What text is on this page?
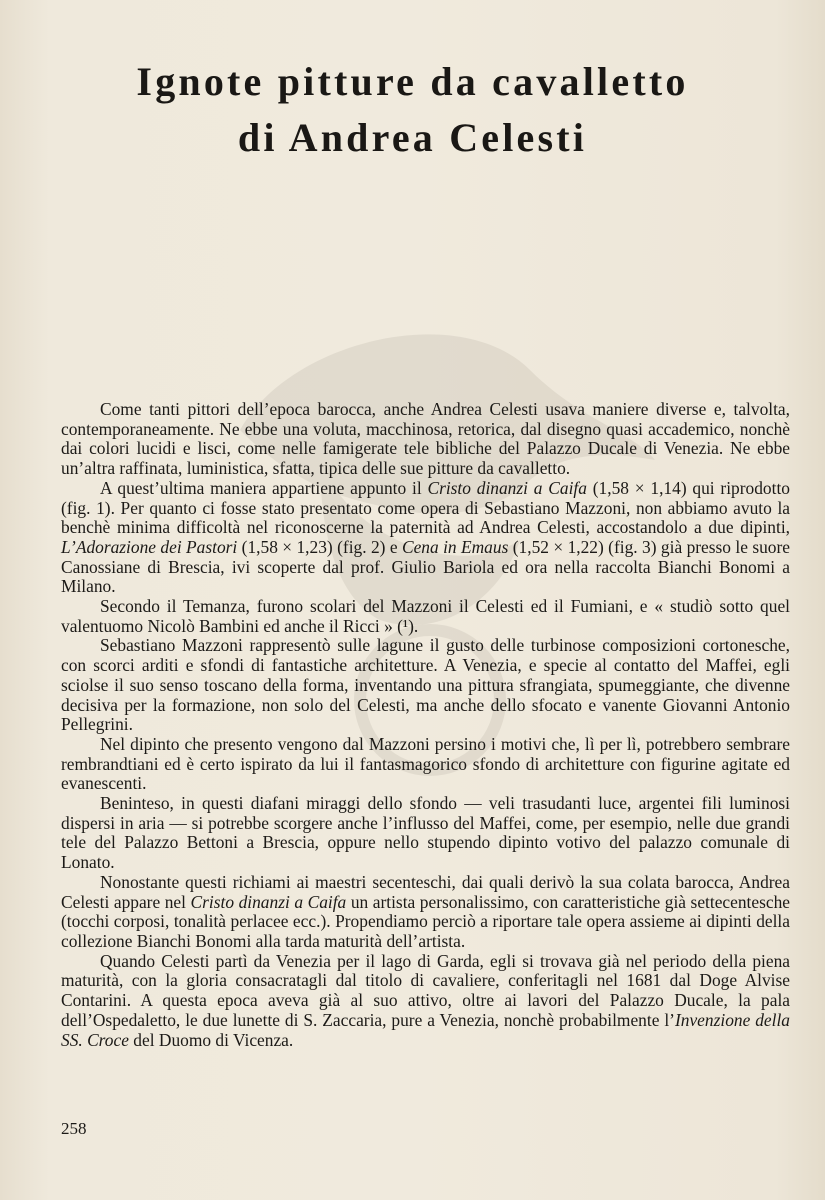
Ignote pitture da cavalletto
di Andrea Celesti

Come tanti pittori dell’epoca barocca, anche Andrea Celesti usava maniere diverse e, talvolta, contemporaneamente. Ne ebbe una voluta, macchinosa, retorica, dal disegno quasi accademico, nonchè dai colori lucidi e lisci, come nelle famigerate tele bibliche del Palazzo Ducale di Venezia. Ne ebbe un’altra raffinata, luministica, sfatta, tipica delle sue pitture da cavalletto.

A quest’ultima maniera appartiene appunto il Cristo dinanzi a Caifa (1,58 × 1,14) qui riprodotto (fig. 1). Per quanto ci fosse stato presentato come opera di Sebastiano Mazzoni, non abbiamo avuto la benchè minima difficoltà nel riconoscerne la paternità ad Andrea Celesti, accostandolo a due dipinti, L’Adorazione dei Pastori (1,58 × 1,23) (fig. 2) e Cena in Emaus (1,52 × 1,22) (fig. 3) già presso le suore Canossiane di Brescia, ivi scoperte dal prof. Giulio Bariola ed ora nella raccolta Bianchi Bonomi a Milano.

Secondo il Temanza, furono scolari del Mazzoni il Celesti ed il Fumiani, e « studiò sotto quel valentuomo Nicolò Bambini ed anche il Ricci » (¹).

Sebastiano Mazzoni rappresentò sulle lagune il gusto delle turbinose composizioni cortonesche, con scorci arditi e sfondi di fantastiche architetture. A Venezia, e specie al contatto del Maffei, egli sciolse il suo senso toscano della forma, inventando una pittura sfrangiata, spumeggiante, che divenne decisiva per la formazione, non solo del Celesti, ma anche dello sfocato e vanente Giovanni Antonio Pellegrini.

Nel dipinto che presento vengono dal Mazzoni persino i motivi che, lì per lì, potrebbero sembrare rembrandtiani ed è certo ispirato da lui il fantasmagorico sfondo di architetture con figurine agitate ed evanescenti.

Beninteso, in questi diafani miraggi dello sfondo — veli trasudanti luce, argentei fili luminosi dispersi in aria — si potrebbe scorgere anche l’influsso del Maffei, come, per esempio, nelle due grandi tele del Palazzo Bettoni a Brescia, oppure nello stupendo dipinto votivo del palazzo comunale di Lonato.

Nonostante questi richiami ai maestri secenteschi, dai quali derivò la sua colata barocca, Andrea Celesti appare nel Cristo dinanzi a Caifa un artista personalissimo, con caratteristiche già settecentesche (tocchi corposi, tonalità perlacee ecc.). Propendiamo perciò a riportare tale opera assieme ai dipinti della collezione Bianchi Bonomi alla tarda maturità dell’artista.

Quando Celesti partì da Venezia per il lago di Garda, egli si trovava già nel periodo della piena maturità, con la gloria consacratagli dal titolo di cavaliere, conferitagli nel 1681 dal Doge Alvise Contarini. A questa epoca aveva già al suo attivo, oltre ai lavori del Palazzo Ducale, la pala dell’Ospedaletto, le due lunette di S. Zaccaria, pure a Venezia, nonchè probabilmente l’Invenzione della SS. Croce del Duomo di Vicenza.

258
